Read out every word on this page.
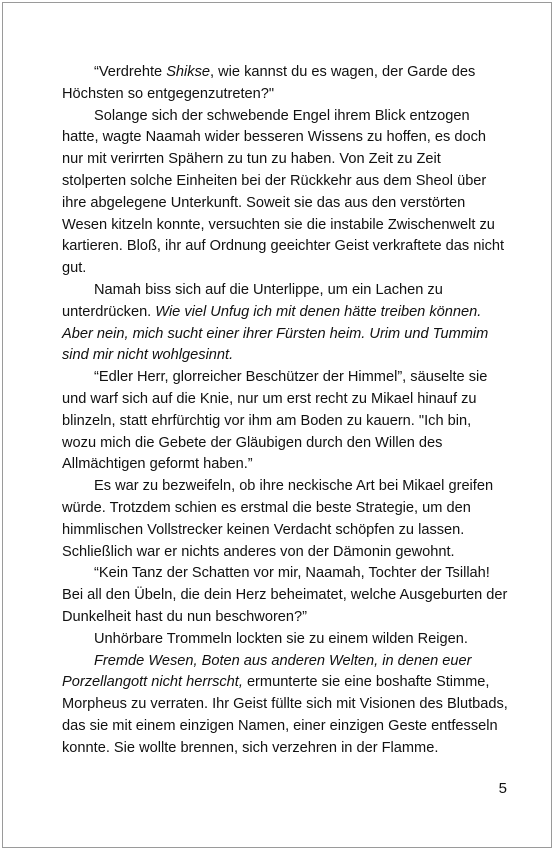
“Verdrehte Shikse, wie kannst du es wagen, der Garde des Höchsten so entgegenzutreten?"

Solange sich der schwebende Engel ihrem Blick entzogen hatte, wagte Naamah wider besseren Wissens zu hoffen, es doch nur mit verirrten Spähern zu tun zu haben. Von Zeit zu Zeit stolperten solche Einheiten bei der Rückkehr aus dem Sheol über ihre abgelegene Unterkunft. Soweit sie das aus den verstörten Wesen kitzeln konnte, versuchten sie die instabile Zwischenwelt zu kartieren. Bloß, ihr auf Ordnung geeichter Geist verkraftete das nicht gut.

Namah biss sich auf die Unterlippe, um ein Lachen zu unterdrücken. Wie viel Unfug ich mit denen hätte treiben können. Aber nein, mich sucht einer ihrer Fürsten heim. Urim und Tummim sind mir nicht wohlgesinnt.

“Edler Herr, glorreicher Beschützer der Himmel”, säuselte sie und warf sich auf die Knie, nur um erst recht zu Mikael hinauf zu blinzeln, statt ehrfürchtig vor ihm am Boden zu kauern. "Ich bin, wozu mich die Gebete der Gläubigen durch den Willen des Allmächtigen geformt haben.”

Es war zu bezweifeln, ob ihre neckische Art bei Mikael greifen würde. Trotzdem schien es erstmal die beste Strategie, um den himmlischen Vollstrecker keinen Verdacht schöpfen zu lassen. Schließlich war er nichts anderes von der Dämonin gewohnt.

“Kein Tanz der Schatten vor mir, Naamah, Tochter der Tsillah! Bei all den Übeln, die dein Herz beheimatet, welche Ausgeburten der Dunkelheit hast du nun beschworen?”

Unhörbare Trommeln lockten sie zu einem wilden Reigen.

Fremde Wesen, Boten aus anderen Welten, in denen euer Porzellangott nicht herrscht, ermunterte sie eine boshafte Stimme, Morpheus zu verraten. Ihr Geist füllte sich mit Visionen des Blutbads, das sie mit einem einzigen Namen, einer einzigen Geste entfesseln konnte. Sie wollte brennen, sich verzehren in der Flamme.

5
